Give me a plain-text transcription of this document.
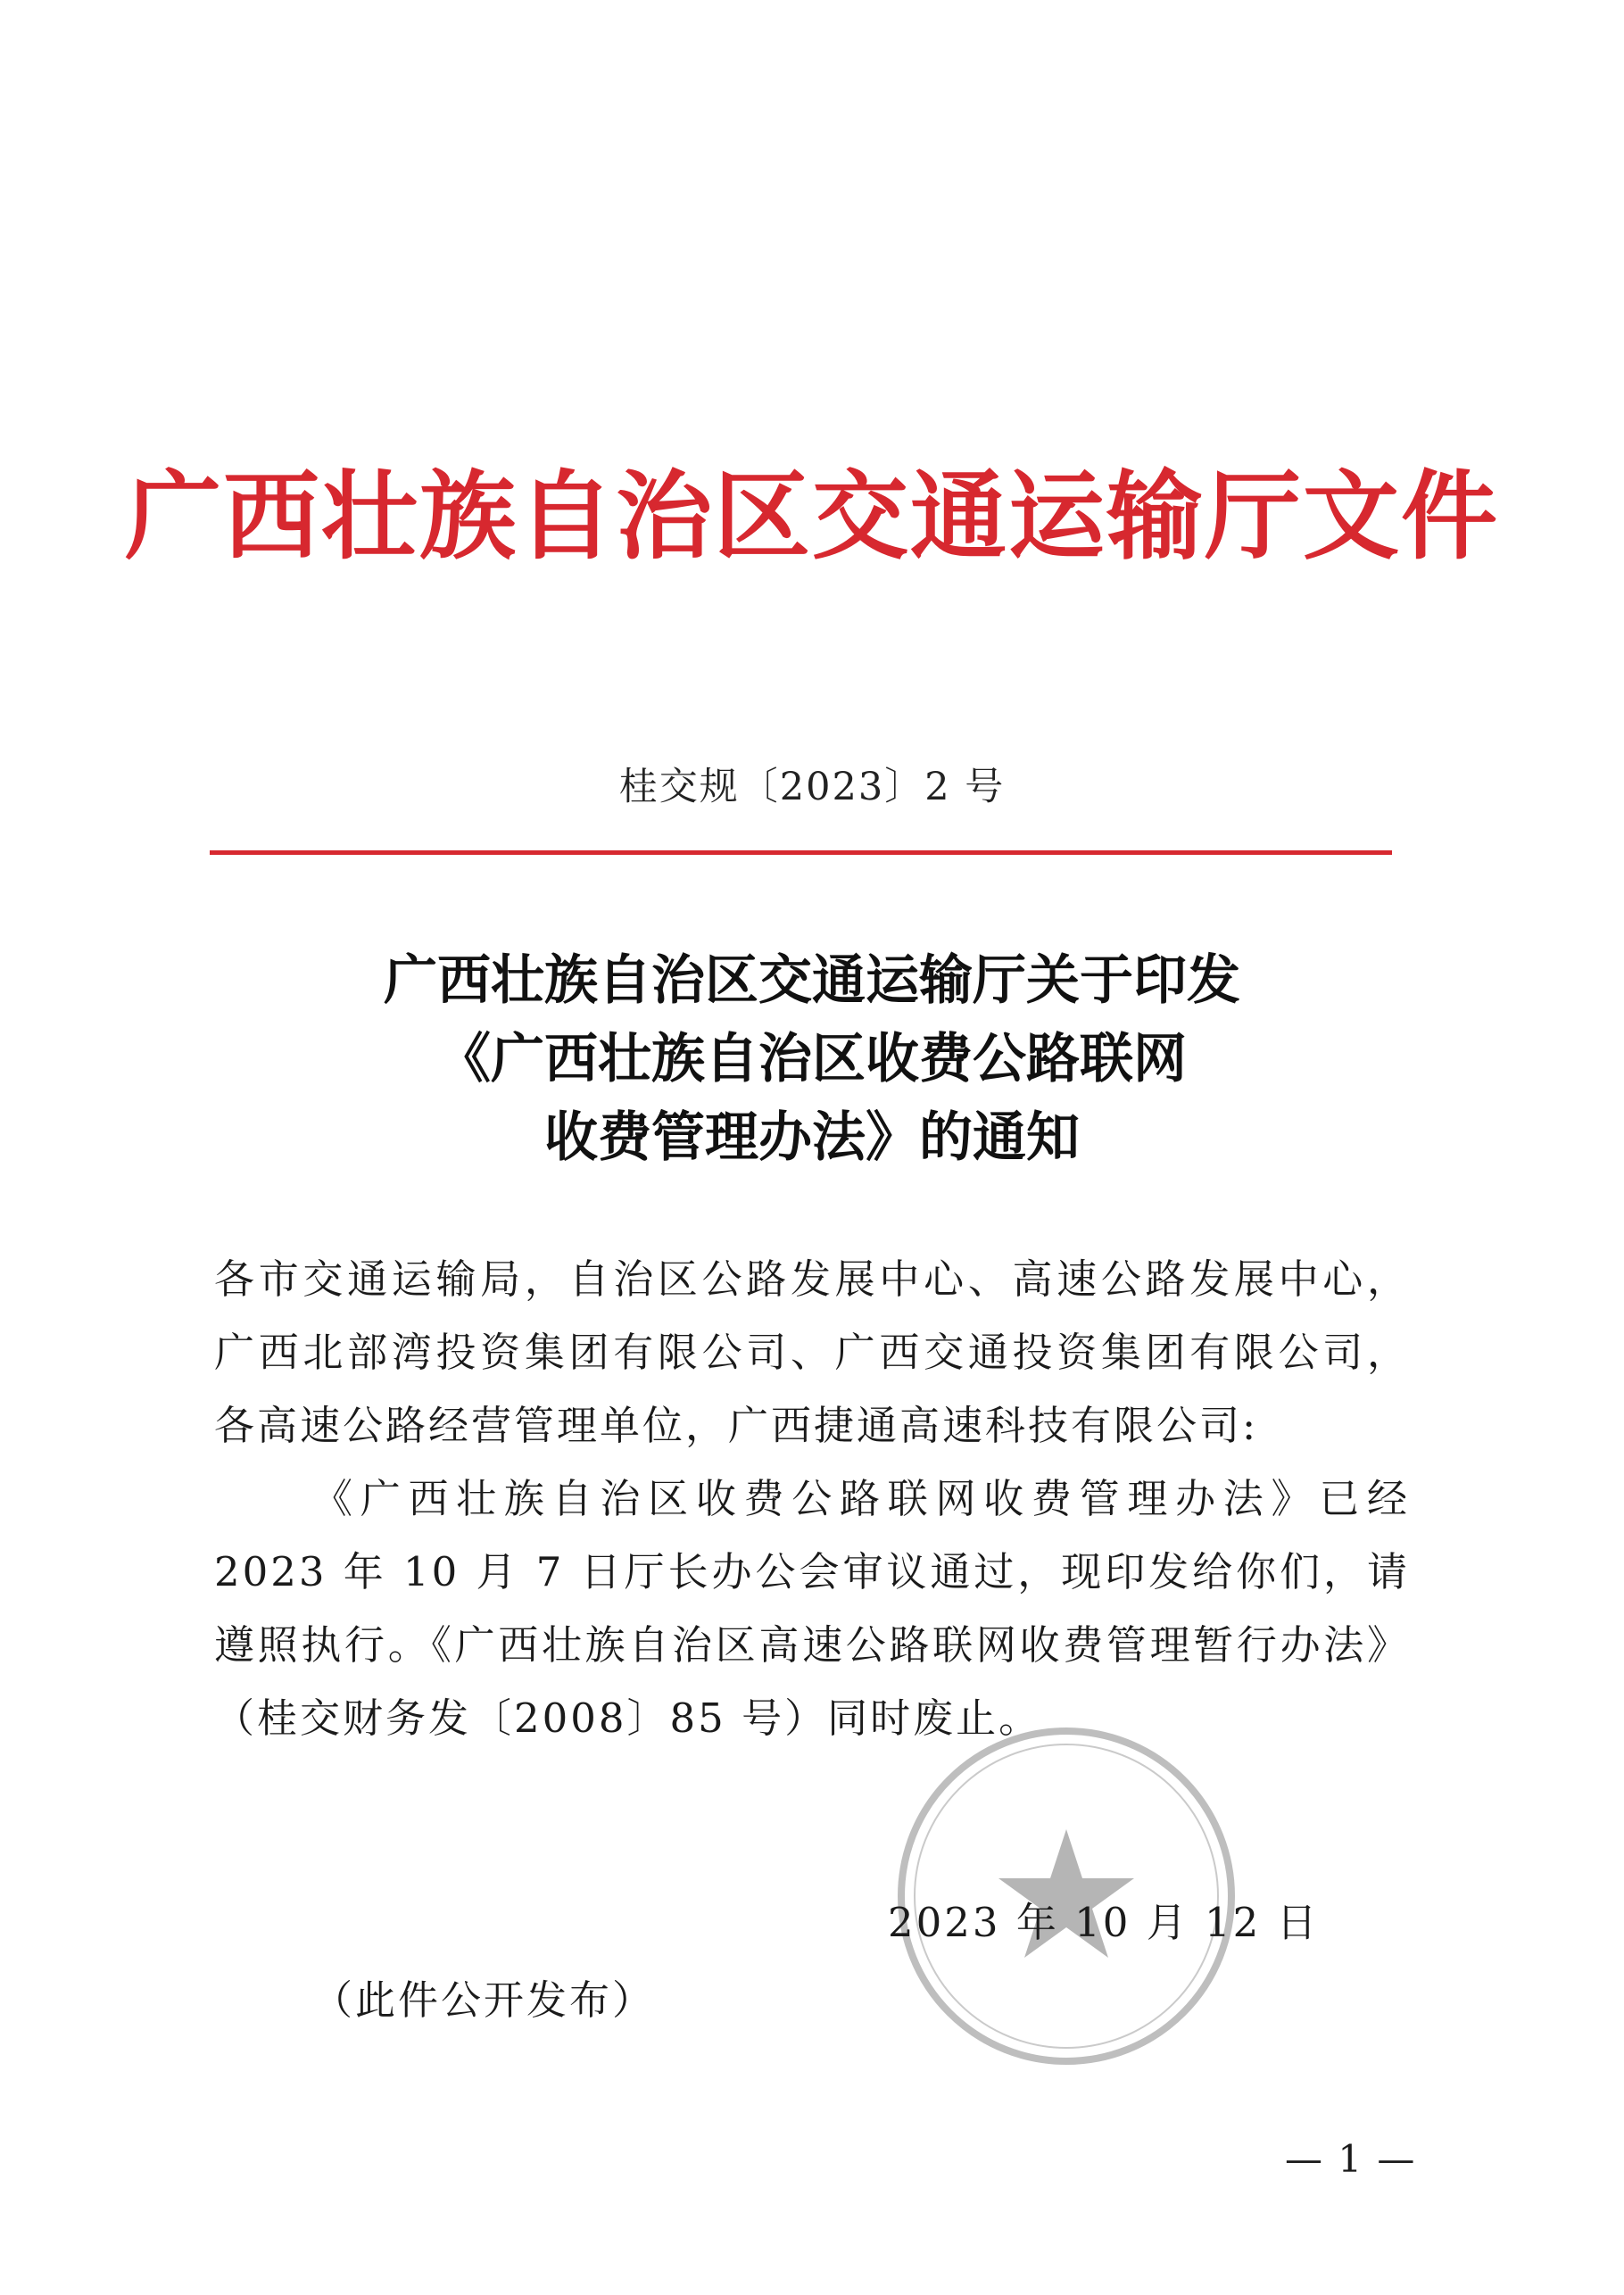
广西壮族自治区交通运输厅文件
桂交规〔2023〕2 号
广西壮族自治区交通运输厅关于印发
《广西壮族自治区收费公路联网
收费管理办法》的通知

各市交通运输局，自治区公路发展中心、高速公路发展中心，广西北部湾投资集团有限公司、广西交通投资集团有限公司，各高速公路经营管理单位，广西捷通高速科技有限公司:

《广西壮族自治区收费公路联网收费管理办法》已经 2023 年 10 月 7 日厅长办公会审议通过，现印发给你们，请遵照执行。《广西壮族自治区高速公路联网收费管理暂行办法》（桂交财务发〔2008〕85 号）同时废止。

2023 年 10 月 12 日
（此件公开发布）
— 1 —
